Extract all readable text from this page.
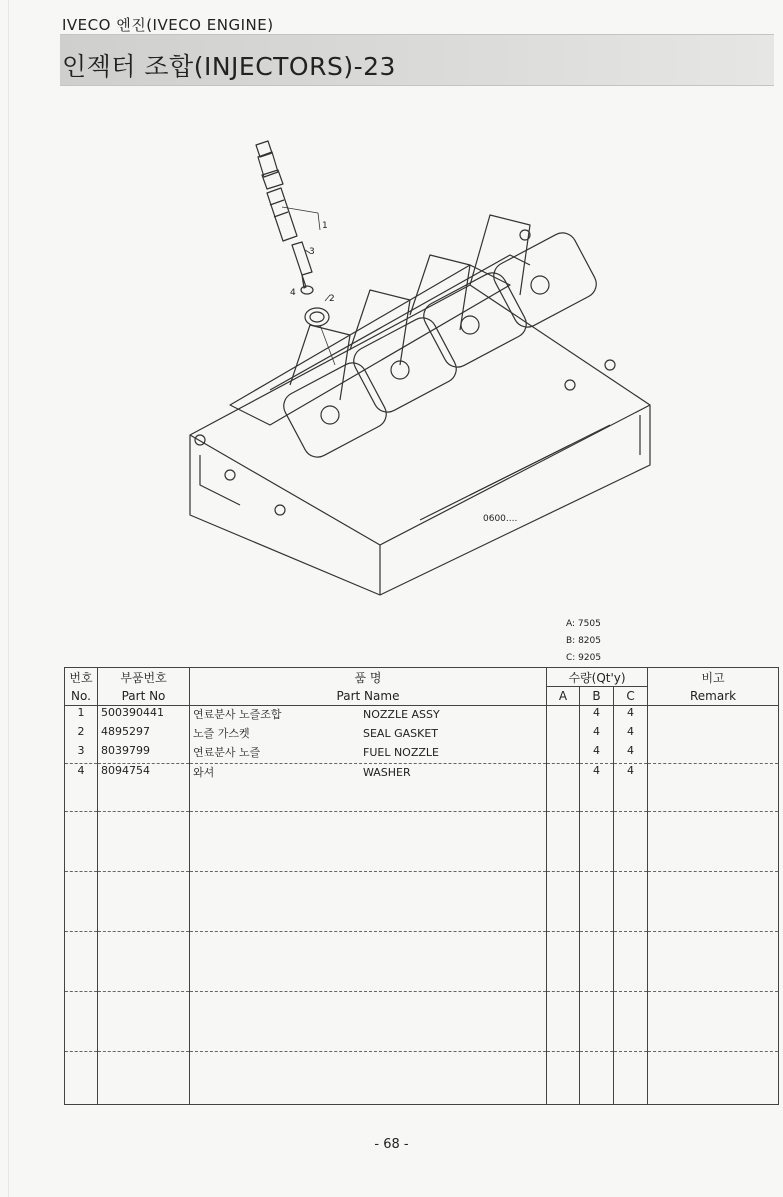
IVECO 엔진(IVECO ENGINE)
인젝터 조합(INJECTORS)-23
1
3
4
2
0600....
A: 7505
B: 8205
C: 9205
번호	부품번호	품 명	수량(Qt'y)			비고
No.	Part No	Part Name	A	B	C	Remark
1	500390441	연료분사 노즐조합 NOZZLE ASSY		4	4	
2	4895297	노즐 가스켓 SEAL GASKET		4	4	
3	8039799	연료분사 노즐 FUEL NOZZLE		4	4	
4	8094754	와셔 WASHER		4	4	

- 68 -
